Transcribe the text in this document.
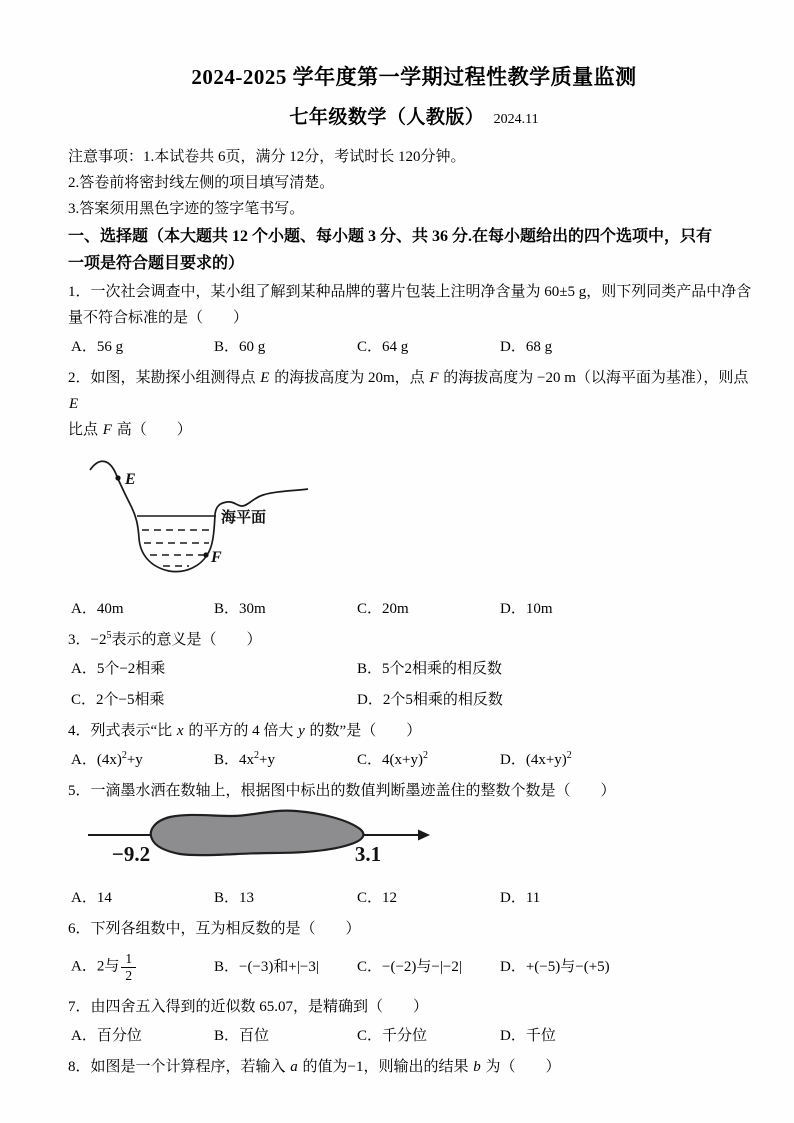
2024-2025 学年度第一学期过程性教学质量监测
七年级数学（人教版） 2024.11

注意事项：1.本试卷共 6页，满分 12分，考试时长 120分钟。

2.答卷前将密封线左侧的项目填写清楚。

3.答案须用黑色字迹的签字笔书写。

一、选择题（本大题共 12 个小题、每小题 3 分、共 36 分.在每小题给出的四个选项中，只有
一项是符合题目要求的）
1．一次社会调查中，某小组了解到某种品牌的薯片包装上注明净含量为 60±5 g，则下列同类产品中净含
量不符合标准的是（　　）
A．56 g	B．60 g	C．64 g	D．68 g
2．如图，某勘探小组测得点 E 的海拔高度为 20m，点 F 的海拔高度为 −20 m（以海平面为基准），则点 E
比点 F 高（　　）
E
F
海平面
A．40m	B．30m	C．20m	D．10m
3．$-2^5$表示的意义是（　　）
A．5个−2相乘	B．5个2相乘的相反数
C．2个−5相乘	D．2个5相乘的相反数
4．列式表示“比 x 的平方的 4 倍大 y 的数”是（　　）
A．$(4x)^2+y$	B．$4x^2+y$	C．$4(x+y)^2$	D．$(4x+y)^2$
5．一滴墨水洒在数轴上，根据图中标出的数值判断墨迹盖住的整数个数是（　　）
−9.2	3.1
A．14	B．13	C．12	D．11
6．下列各组数中，互为相反数的是（　　）
A．2与 $\frac{1}{2}$	B．−(−3)和+|−3|	C．−(−2)与−|−2|	D．+(−5)与−(+5)
7．由四舍五入得到的近似数 65.07，是精确到（　　）
A．百分位	B．百位	C．千分位	D．千位
8．如图是一个计算程序，若输入 a 的值为−1，则输出的结果 b 为（　　）
